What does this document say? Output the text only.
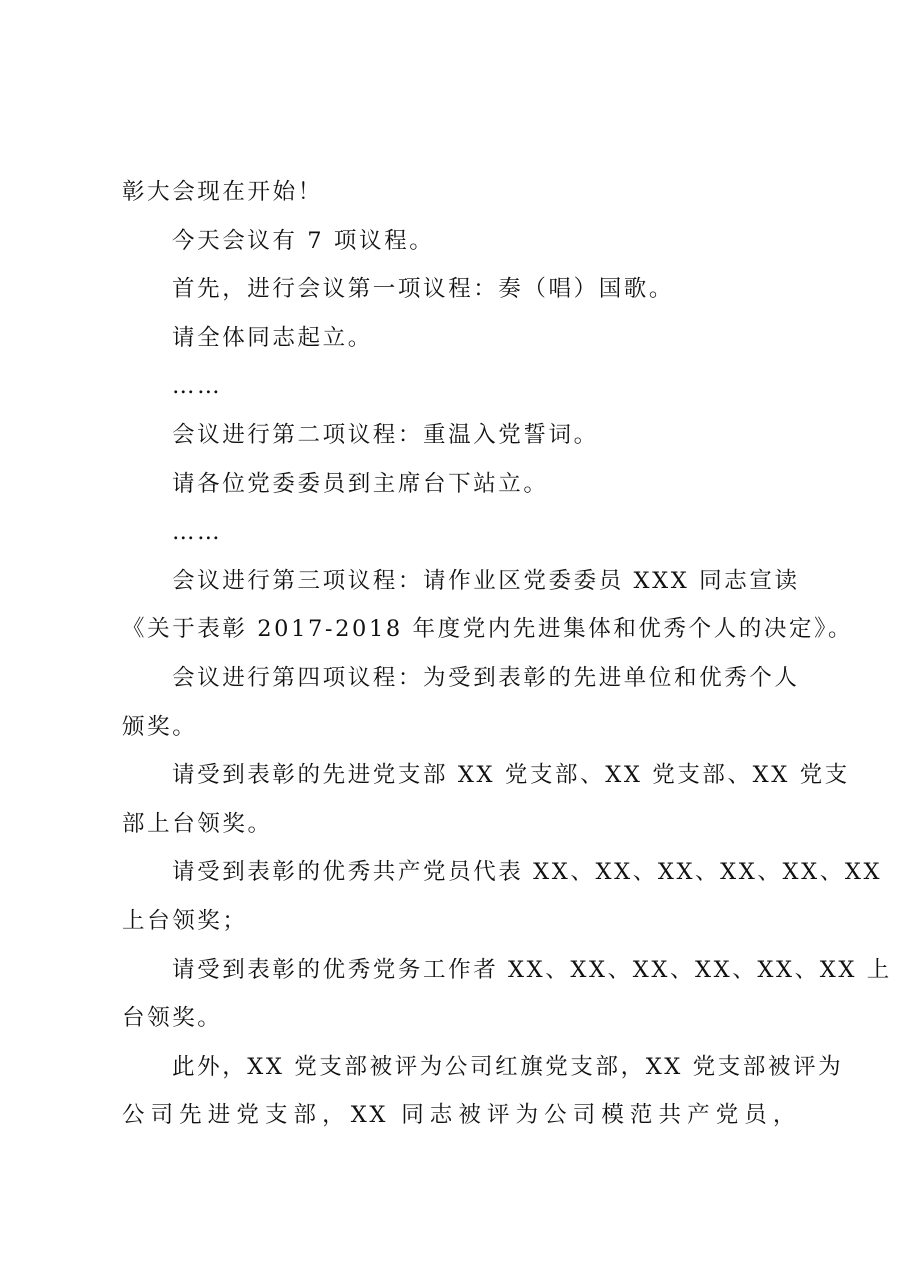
彰大会现在开始！
今天会议有 7 项议程。
首先，进行会议第一项议程：奏（唱）国歌。
请全体同志起立。
……
会议进行第二项议程：重温入党誓词。
请各位党委委员到主席台下站立。
……
会议进行第三项议程：请作业区党委委员 XXX 同志宣读
《关于表彰 2017-2018 年度党内先进集体和优秀个人的决定》。
会议进行第四项议程：为受到表彰的先进单位和优秀个人
颁奖。
请受到表彰的先进党支部 XX 党支部、XX 党支部、XX 党支
部上台领奖。
请受到表彰的优秀共产党员代表 XX、XX、XX、XX、XX、XX
上台领奖；
请受到表彰的优秀党务工作者 XX、XX、XX、XX、XX、XX 上
台领奖。
此外，XX 党支部被评为公司红旗党支部，XX 党支部被评为
公司先进党支部，XX 同志被评为公司模范共产党员，
